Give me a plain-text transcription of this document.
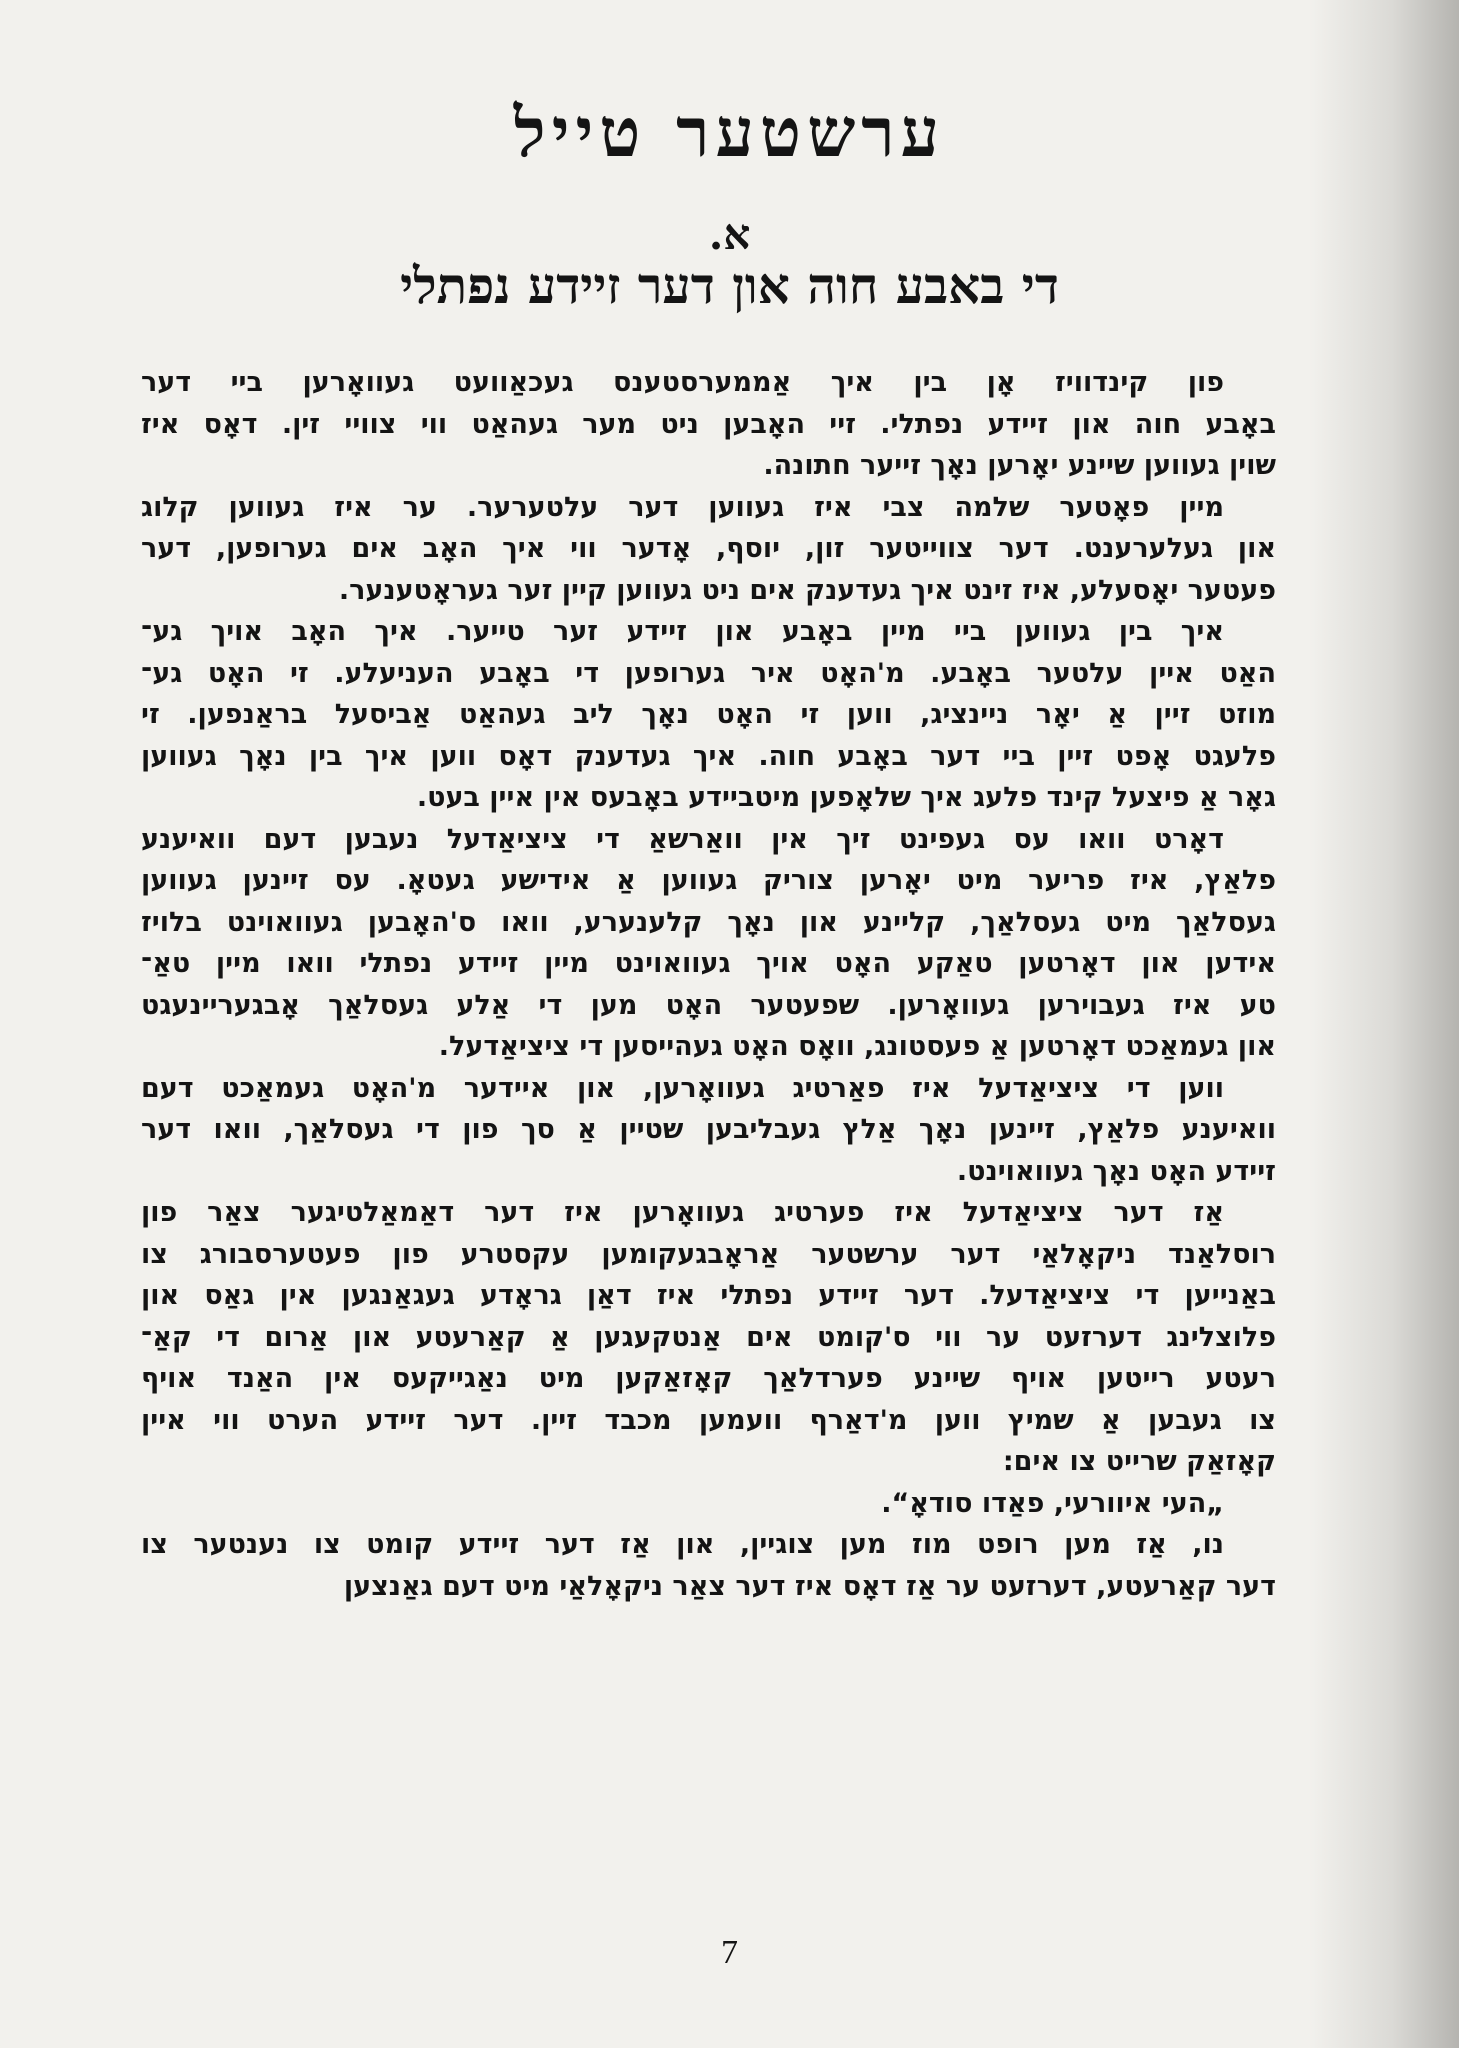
ערשטער טייל
א.
די באבע חוה און דער זיידע נפתלי
פון קינדוויז אָן בין איך אַממערסטענס געכאַוועט געוואָרען ביי דער
באָבע חוה און זיידע נפתלי. זיי האָבען ניט מער געהאַט ווי צוויי זין. דאָס איז
שוין געווען שיינע יאָרען נאָך זייער חתונה.
מיין פאָטער שלמה צבי איז געווען דער עלטערער. ער איז געווען קלוג
און געלערענט. דער צווייטער זון, יוסף, אָדער ווי איך האָב אים גערופען, דער
פעטער יאָסעלע, איז זינט איך געדענק אים ניט געווען קיין זער געראָטענער.
איך בין געווען ביי מיין באָבע און זיידע זער טייער. איך האָב אויך גע־
האַט איין עלטער באָבע. מ'האָט איר גערופען די באָבע העניעלע. זי האָט גע־
מוזט זיין אַ יאָר ניינציג, ווען זי האָט נאָך ליב געהאַט אַביסעל בראַנפען. זי
פלעגט אָפט זיין ביי דער באָבע חוה. איך געדענק דאָס ווען איך בין נאָך געווען
גאָר אַ פיצעל קינד פלעג איך שלאָפען מיטביידע באָבעס אין איין בעט.
דאָרט וואו עס געפינט זיך אין וואַרשאַ די ציציאַדעל נעבען דעם וואיענע
פלאַץ, איז פריער מיט יאָרען צוריק געווען אַ אידישע געטאָ. עס זיינען געווען
געסלאַך מיט געסלאַך, קליינע און נאָך קלענערע, וואו ס'האָבען געוואוינט בלויז
אידען און דאָרטען טאַקע האָט אויך געוואוינט מיין זיידע נפתלי וואו מיין טאַ־
טע איז געבוירען געוואָרען. שפעטער האָט מען די אַלע געסלאַך אָבגעריינעגט
און געמאַכט דאָרטען אַ פעסטונג, וואָס האָט געהייסען די ציציאַדעל.
ווען די ציציאַדעל איז פאַרטיג געוואָרען, און איידער מ'האָט געמאַכט דעם
וואיענע פלאַץ, זיינען נאָך אַלץ געבליבען שטיין אַ סך פון די געסלאַך, וואו דער
זיידע האָט נאָך געוואוינט.
אַז דער ציציאַדעל איז פערטיג געוואָרען איז דער דאַמאַלטיגער צאַר פון
רוסלאַנד ניקאָלאַי דער ערשטער אַראָבגעקומען עקסטרע פון פעטערסבורג צו
באַנייען די ציציאַדעל. דער זיידע נפתלי איז דאַן גראָדע געגאַנגען אין גאַס און
פלוצלינג דערזעט ער ווי ס'קומט אים אַנטקעגען אַ קאַרעטע און אַרום די קאַ־
רעטע רייטען אויף שיינע פערדלאַך קאָזאַקען מיט נאַגייקעס אין האַנד אויף
צו געבען אַ שמיץ ווען מ'דאַרף וועמען מכבד זיין. דער זיידע הערט ווי איין
קאָזאַק שרייט צו אים:
„העי איוורעי, פאַדו סודאָ“.
נו, אַז מען רופט מוז מען צוגיין, און אַז דער זיידע קומט צו נענטער צו
דער קאַרעטע, דערזעט ער אַז דאָס איז דער צאַר ניקאָלאַי מיט דעם גאַנצען
7
